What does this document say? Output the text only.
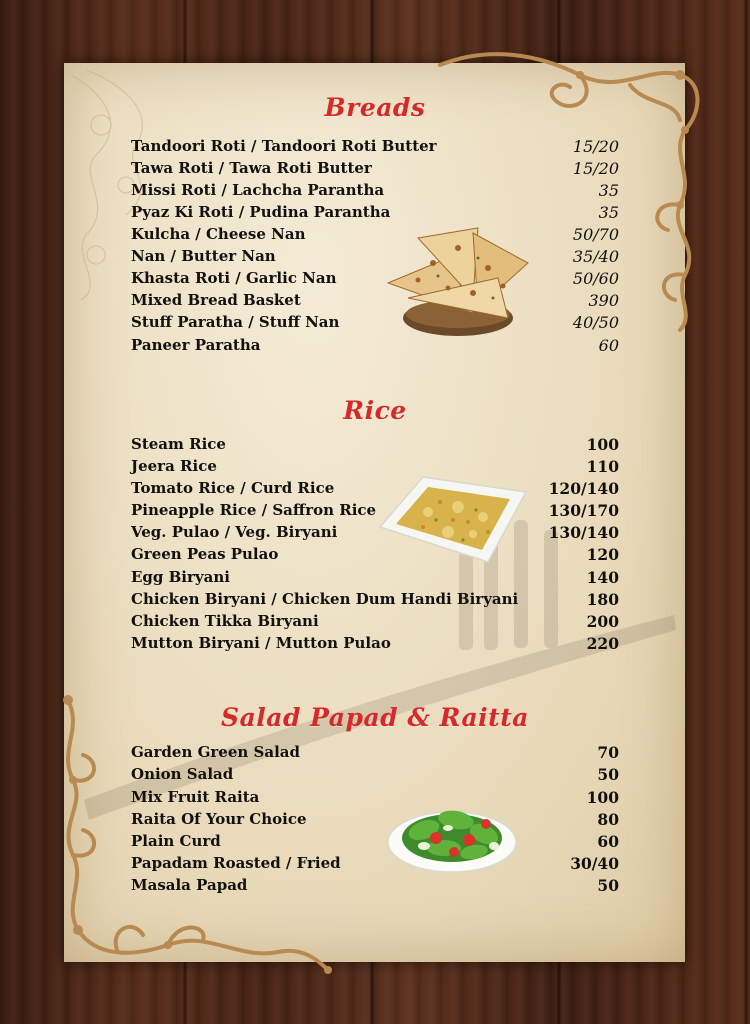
Breads
Tandoori Roti / Tandoori Roti Butter	15/20
Tawa Roti / Tawa Roti Butter	15/20
Missi Roti / Lachcha Parantha	35
Pyaz Ki Roti / Pudina Parantha	35
Kulcha / Cheese Nan	50/70
Nan / Butter Nan	35/40
Khasta Roti / Garlic Nan	50/60
Mixed Bread Basket	390
Stuff Paratha / Stuff Nan	40/50
Paneer Paratha	60
Rice
Steam Rice	100
Jeera Rice	110
Tomato Rice / Curd Rice	120/140
Pineapple Rice / Saffron Rice	130/170
Veg. Pulao / Veg. Biryani	130/140
Green Peas Pulao	120
Egg Biryani	140
Chicken Biryani / Chicken Dum Handi Biryani	180
Chicken Tikka Biryani	200
Mutton Biryani / Mutton Pulao	220
Salad Papad & Raitta
Garden Green Salad	70
Onion Salad	50
Mix Fruit Raita	100
Raita Of Your Choice	80
Plain Curd	60
Papadam Roasted / Fried	30/40
Masala Papad	50
